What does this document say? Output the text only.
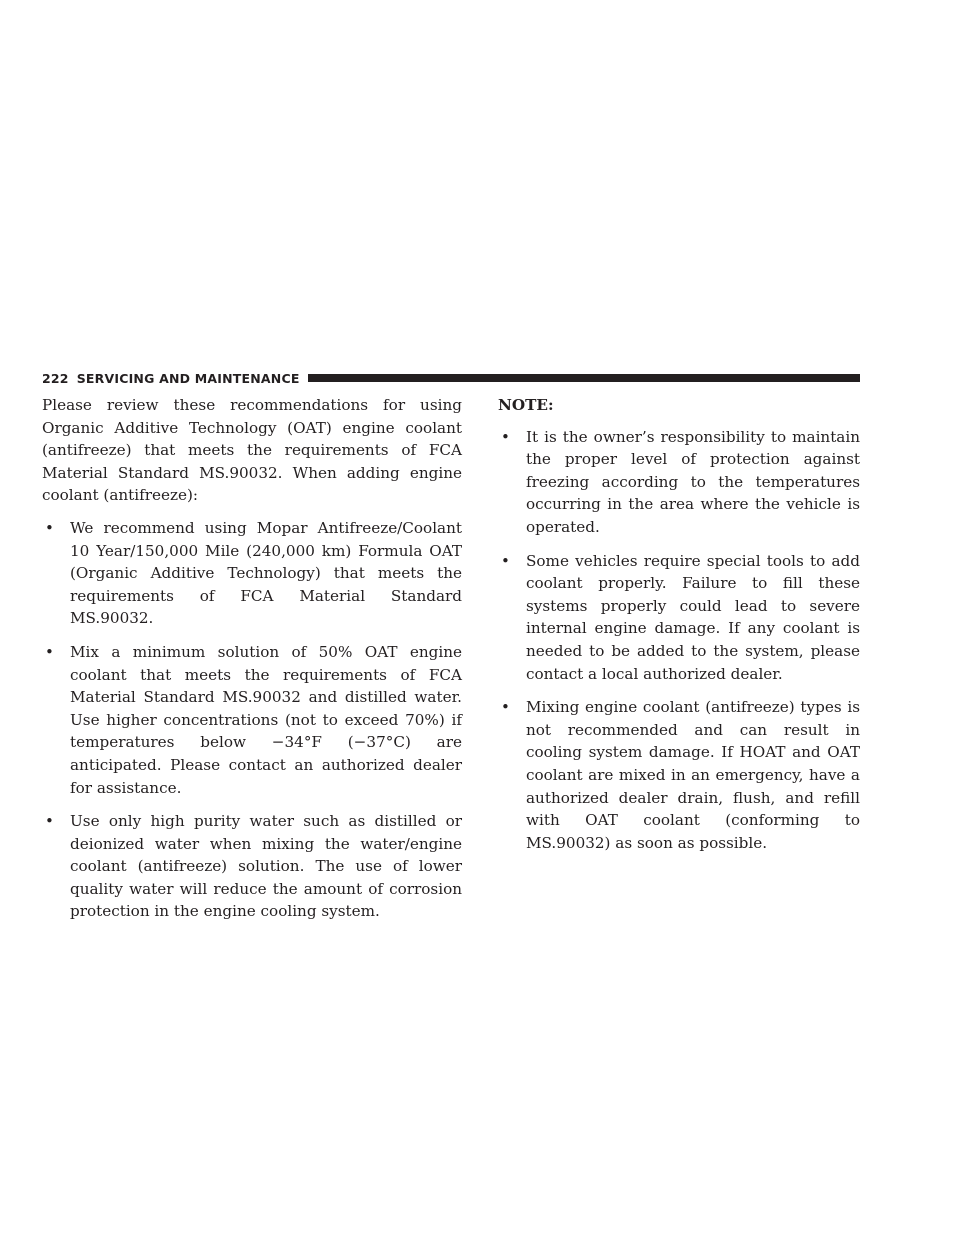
222 SERVICING AND MAINTENANCE

Please review these recommendations for using Organic Additive Technology (OAT) engine coolant (antifreeze) that meets the requirements of FCA Material Standard MS.90032. When adding engine coolant (antifreeze):

• We recommend using Mopar Antifreeze/Coolant 10 Year/150,000 Mile (240,000 km) Formula OAT (Organic Additive Technology) that meets the requirements of FCA Material Standard MS.90032.
• Mix a minimum solution of 50% OAT engine coolant that meets the requirements of FCA Material Standard MS.90032 and distilled water. Use higher concentrations (not to exceed 70%) if temperatures below −34°F (−37°C) are anticipated. Please contact an authorized dealer for assistance.
• Use only high purity water such as distilled or deionized water when mixing the water/engine coolant (antifreeze) solution. The use of lower quality water will reduce the amount of corrosion protection in the engine cooling system.

NOTE:

• It is the owner’s responsibility to maintain the proper level of protection against freezing according to the temperatures occurring in the area where the vehicle is operated.
• Some vehicles require special tools to add coolant properly. Failure to fill these systems properly could lead to severe internal engine damage. If any coolant is needed to be added to the system, please contact a local authorized dealer.
• Mixing engine coolant (antifreeze) types is not recommended and can result in cooling system damage. If HOAT and OAT coolant are mixed in an emergency, have a authorized dealer drain, flush, and refill with OAT coolant (conforming to MS.90032) as soon as possible.
